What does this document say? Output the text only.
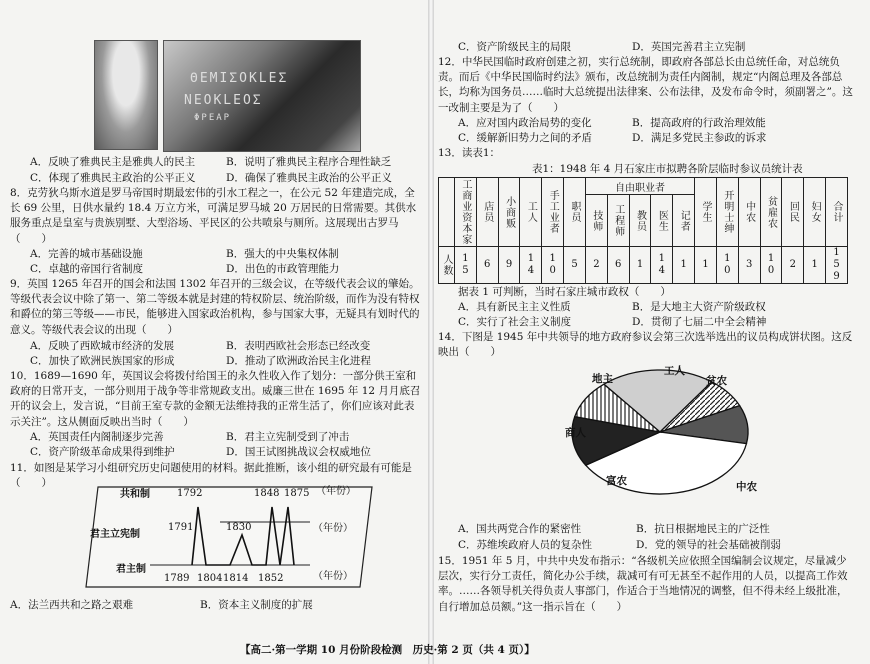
ΘEMIΣOKLEΣ
NEOKLEOΣ
ΦPEAP
A．反映了雅典民主是雅典人的民主	B．说明了雅典民主程序合理性缺乏
C．体现了雅典民主政治的公平正义	D．确保了雅典民主政治的公平正义
8．克劳狄乌斯水道是罗马帝国时期最宏伟的引水工程之一，在公元 52 年建造完成，全长 69 公里，日供水量约 18.4 万立方米，可满足罗马城 20 万居民的日常需要。其供水服务重点是皇室与贵族别墅、大型浴场、平民区的公共喷泉与厕所。这展现出古罗马（　　）
A．完善的城市基础设施	B．强大的中央集权体制
C．卓越的帝国行省制度	D．出色的市政管理能力
9．英国 1265 年召开的国会和法国 1302 年召开的三级会议，在等级代表会议的肇始。等级代表会议中除了第一、第二等级本就是封建的特权阶层、统治阶级，而作为没有特权和爵位的第三等级——市民，能够进入国家政治机构，参与国家大事，无疑具有划时代的意义。等级代表会议的出现（　　）
A．反映了西欧城市经济的发展	B．表明西欧社会形态已经改变
C．加快了欧洲民族国家的形成	D．推动了欧洲政治民主化进程
10．1689—1690 年，英国议会将拨付给国王的永久性收入作了划分：一部分供王室和政府的日常开支，一部分则用于战争等非常规政支出。威廉三世在 1695 年 12 月月底召开的议会上，发言说，“目前王室专款的金额无法维持我的正常生活了，你们应该对此表示关注”。这从侧面反映出当时（　　）
A．英国责任内阁制逐步完善	B．君主立宪制受到了冲击
C．资产阶级革命成果得到维护	D．国王试图挑战议会权威地位
11．如图是某学习小组研究历史问题使用的材料。据此推断，该小组的研究最有可能是（　　）
共和制
君主立宪制
君主制
1792	1848 1875 （年份）
1791	1830	（年份）
1789 1804 1814 1852	（年份）
A．法兰西共和之路之艰难	B．资本主义制度的扩展
C．资产阶级民主的局限	D．英国完善君主立宪制
12．中华民国临时政府创建之初，实行总统制，即政府各部总长由总统任命，对总统负责。而后《中华民国临时约法》颁布，改总统制为责任内阁制，规定“内阁总理及各部总长，均称为国务员……临时大总统提出法律案、公布法律，及发布命令时，须副署之”。这一改制主要是为了（　　）
A．应对国内政治局势的变化	B．提高政府的行政治理效能
C．缓解新旧势力之间的矛盾	D．满足多党民主参政的诉求
13．读表1：
表1：1948 年 4 月石家庄市拟聘各阶层临时参议员统计表

	工商业资本家	店员	小商贩	工人	手工业者	职员	自由职业者					学生	开明士绅	中农	贫雇农	回民	妇女	合计

							技师	工程师	教员	医生	记者							

人数	15	6	9	14	10	5	2	6	1	14	1	1	10	3	10	2	1	159
据表 1 可判断，当时石家庄城市政权（　　）
A．具有新民主主义性质	B．是大地主大资产阶级政权
C．实行了社会主义制度	D．贯彻了七届二中全会精神
14．下图是 1945 年中共领导的地方政府参议会第三次选举选出的议员构成饼状图。这反映出（　　）
地主
工人
贫农
中农
富农
商人
A．国共两党合作的紧密性	B．抗日根据地民主的广泛性
C．苏维埃政府人员的复杂性	D．党的领导的社会基础被削弱
15．1951 年 5 月，中共中央发布指示：“各级机关应依照全国编制会议规定，尽量减少层次，实行分工责任，简化办公手续，裁减可有可无甚至不起作用的人员，以提高工作效率。……各领导机关得负责人事部门，作适合于当地情况的调整，但不得未经上级批准，自行增加总员额。”这一指示旨在（　　）
【高二·第一学期 10 月份阶段检测　历史·第 2 页（共 4 页）】
